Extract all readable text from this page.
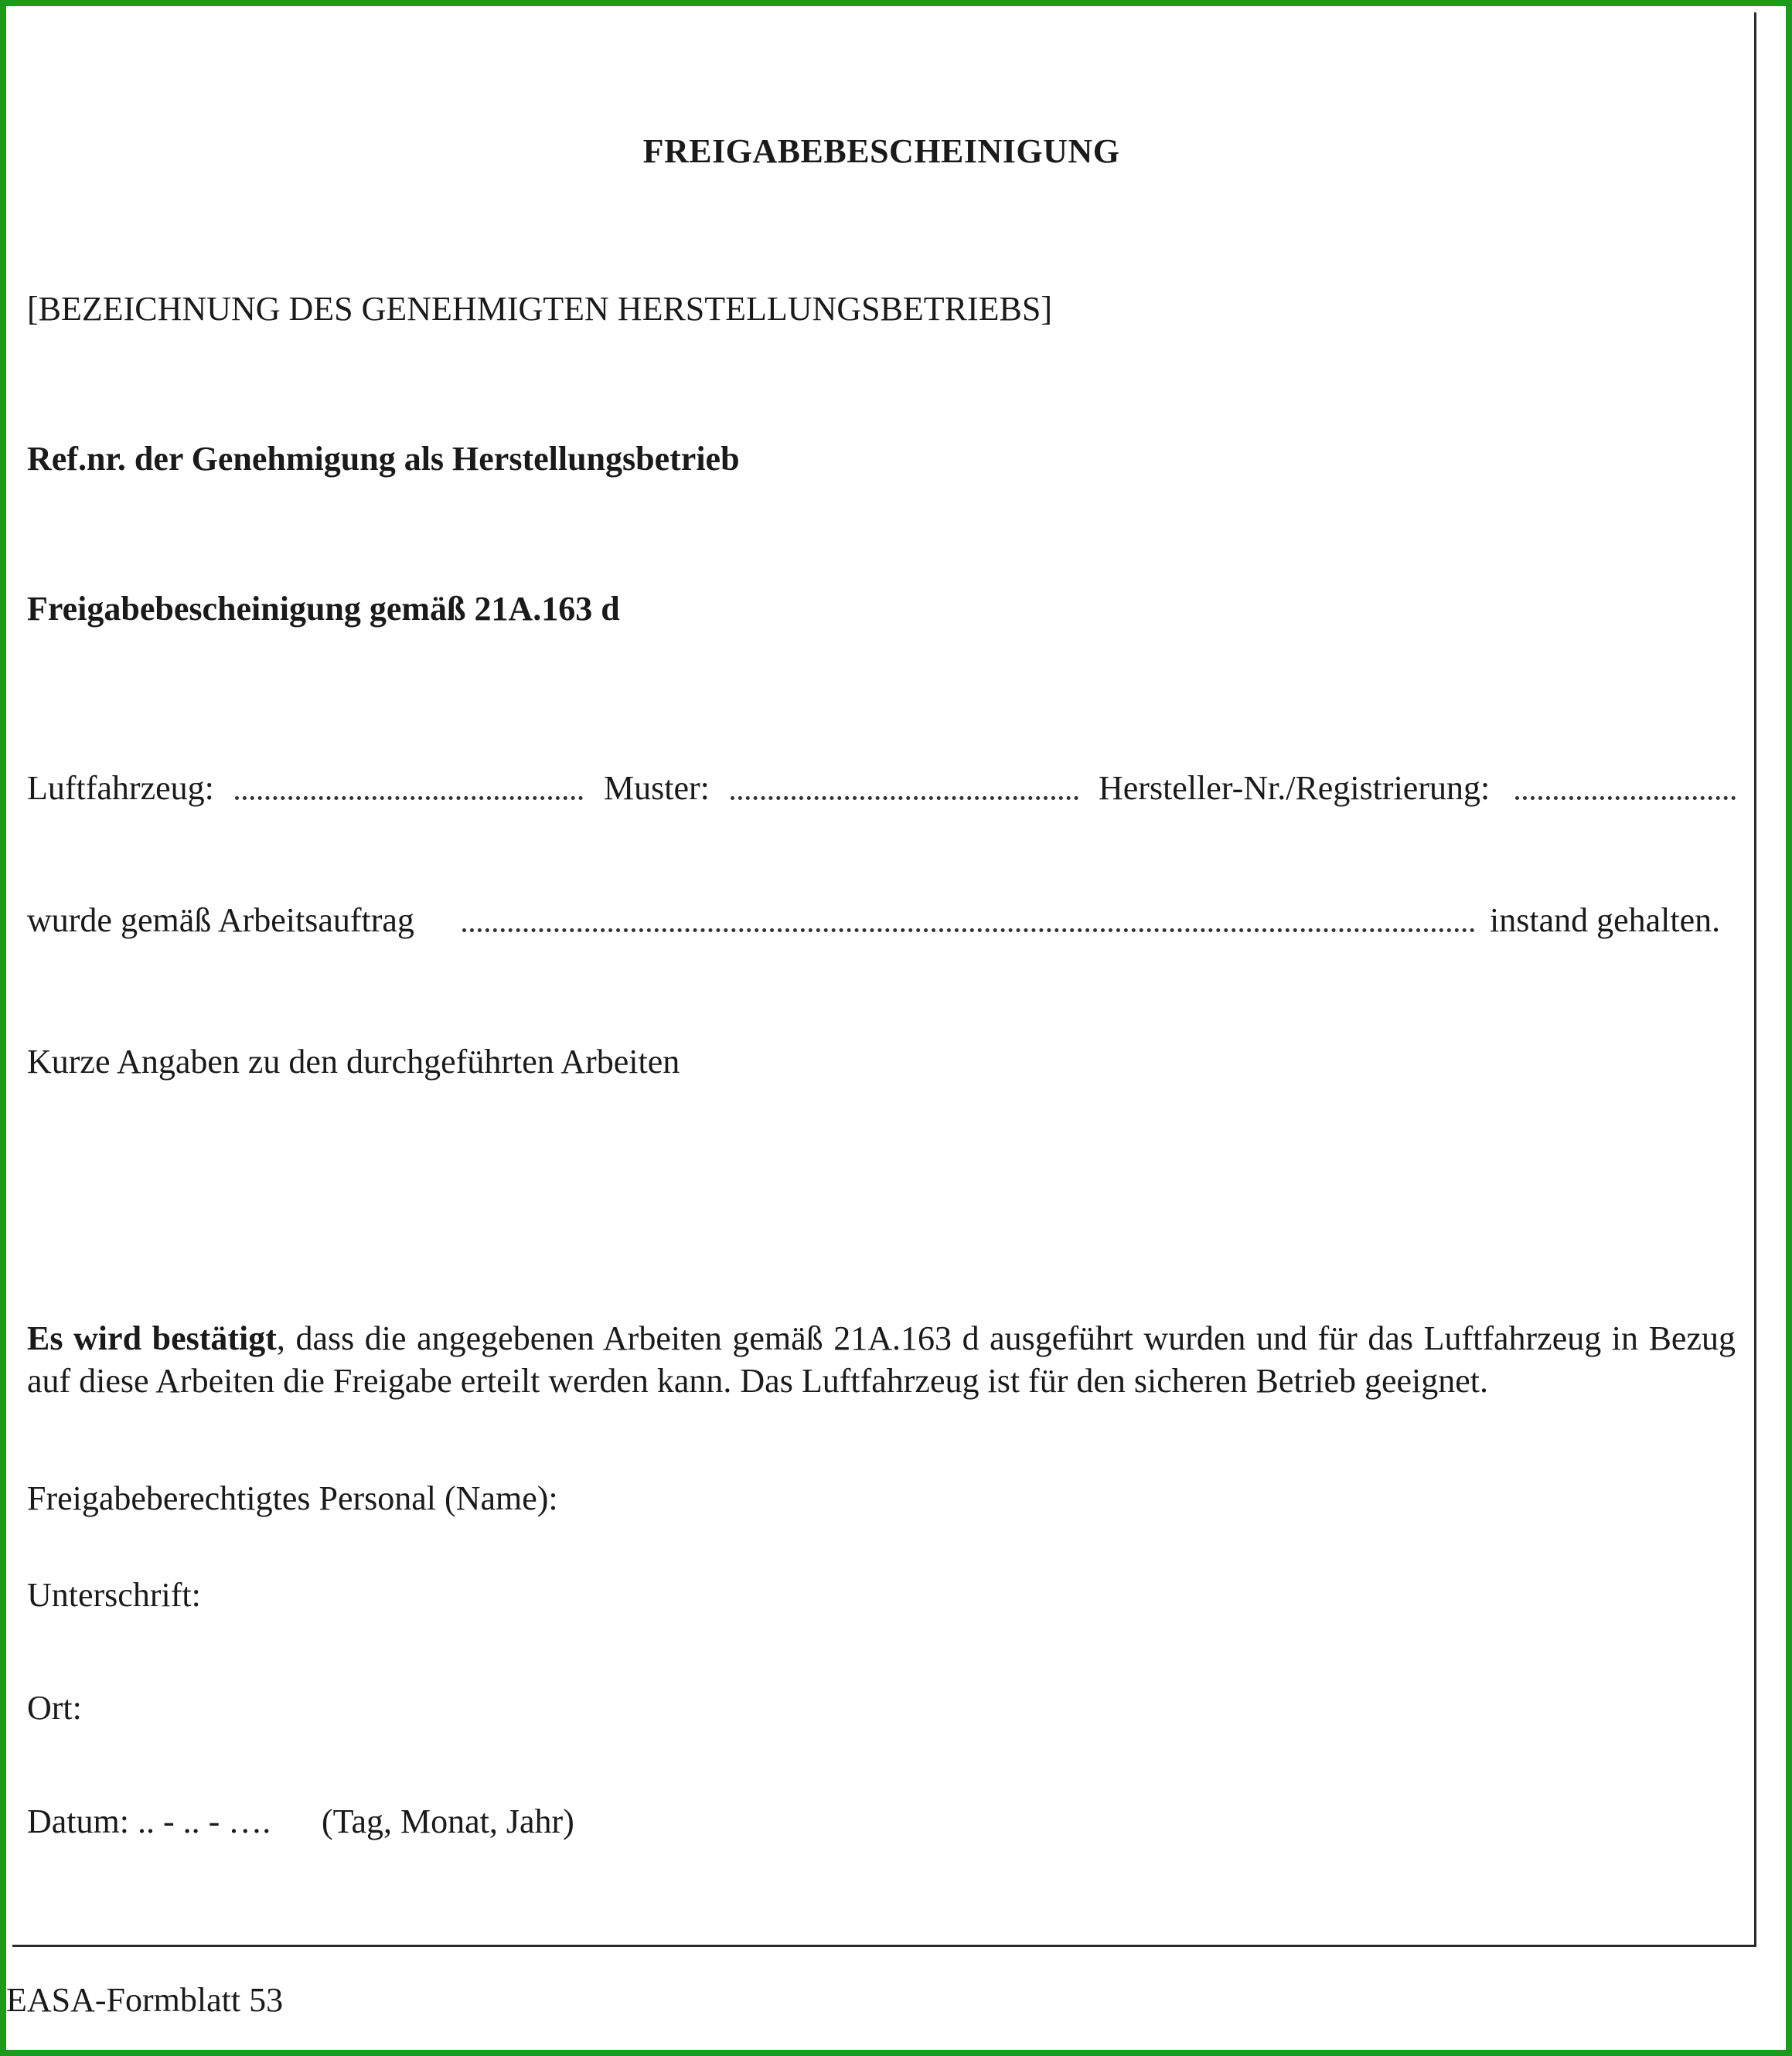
FREIGABEBESCHEINIGUNG
[BEZEICHNUNG DES GENEHMIGTEN HERSTELLUNGSBETRIEBS]
Ref.nr. der Genehmigung als Herstellungsbetrieb
Freigabebescheinigung gemäß 21A.163 d
Luftfahrzeug:	Muster:	Hersteller-Nr./Registrierung:
wurde gemäß Arbeitsauftrag	instand gehalten.
Kurze Angaben zu den durchgeführten Arbeiten
Es wird bestätigt, dass die angegebenen Arbeiten gemäß 21A.163 d ausgeführt wurden und für das Luftfahrzeug in Bezug auf diese Arbeiten die Freigabe erteilt werden kann. Das Luftfahrzeug ist für den sicheren Betrieb geeignet.
Freigabeberechtigtes Personal (Name):
Unterschrift:
Ort:
Datum: .. - .. - …. (Tag, Monat, Jahr)
EASA-Formblatt 53
